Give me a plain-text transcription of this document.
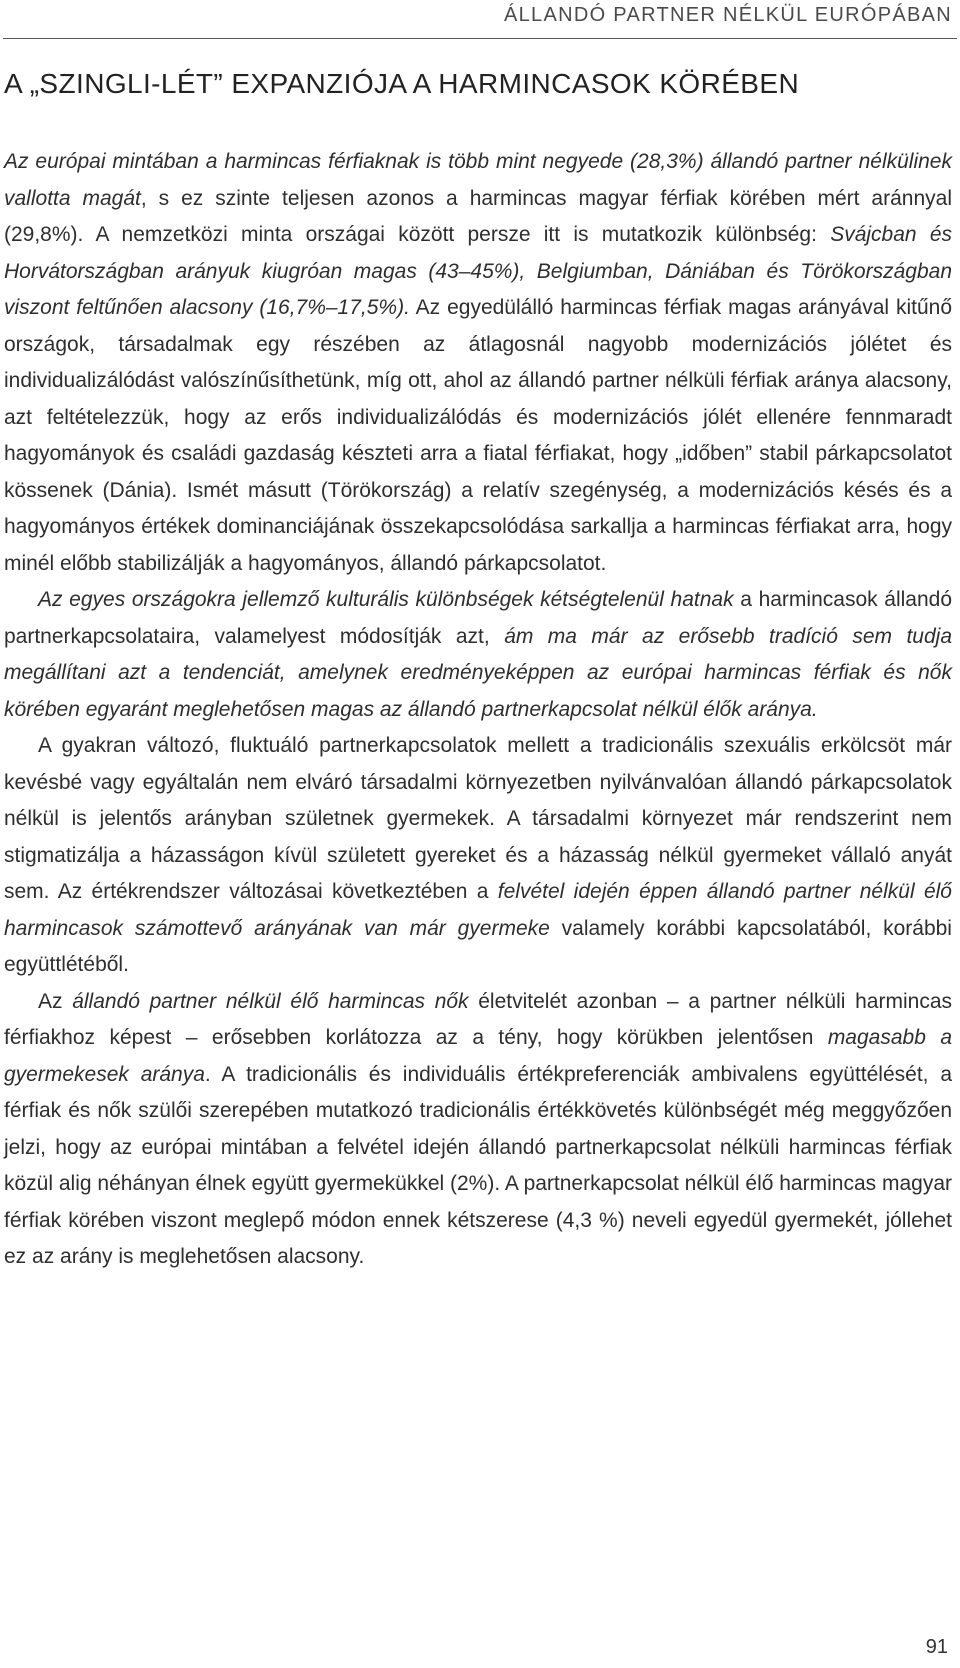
ÁLLANDÓ PARTNER NÉLKÜL EURÓPÁBAN
A „SZINGLI-LÉT” EXPANZIÓJA A HARMINCASOK KÖRÉBEN

Az európai mintában a harmincas férfiaknak is több mint negyede (28,3%) állandó partner nélkülinek vallotta magát, s ez szinte teljesen azonos a harmincas magyar férfiak körében mért aránnyal (29,8%). A nemzetközi minta országai között persze itt is mutatkozik különbség: Svájcban és Horvátországban arányuk kiugróan magas (43–45%), Belgiumban, Dániában és Törökországban viszont feltűnően alacsony (16,7%–17,5%). Az egyedülálló harmincas férfiak magas arányával kitűnő országok, társadalmak egy részében az átlagosnál nagyobb modernizációs jólétet és individualizálódást valószínűsíthetünk, míg ott, ahol az állandó partner nélküli férfiak aránya alacsony, azt feltételezzük, hogy az erős individualizálódás és modernizációs jólét ellenére fennmaradt hagyományok és családi gazdaság készteti arra a fiatal férfiakat, hogy „időben” stabil párkapcsolatot kössenek (Dánia). Ismét másutt (Törökország) a relatív szegénység, a modernizációs késés és a hagyományos értékek dominanciájának összekapcsolódása sarkallja a harmincas férfiakat arra, hogy minél előbb stabilizálják a hagyományos, állandó párkapcsolatot.

Az egyes országokra jellemző kulturális különbségek kétségtelenül hatnak a harmincasok állandó partnerkapcsolataira, valamelyest módosítják azt, ám ma már az erősebb tradíció sem tudja megállítani azt a tendenciát, amelynek eredményeképpen az európai harmincas férfiak és nők körében egyaránt meglehetősen magas az állandó partnerkapcsolat nélkül élők aránya.

A gyakran változó, fluktuáló partnerkapcsolatok mellett a tradicionális szexuális erkölcsöt már kevésbé vagy egyáltalán nem elváró társadalmi környezetben nyilvánvalóan állandó párkapcsolatok nélkül is jelentős arányban születnek gyermekek. A társadalmi környezet már rendszerint nem stigmatizálja a házasságon kívül született gyereket és a házasság nélkül gyermeket vállaló anyát sem. Az értékrendszer változásai következtében a felvétel idején éppen állandó partner nélkül élő harmincasok számottevő arányának van már gyermeke valamely korábbi kapcsolatából, korábbi együttlétéből.

Az állandó partner nélkül élő harmincas nők életvitelét azonban – a partner nélküli harmincas férfiakhoz képest – erősebben korlátozza az a tény, hogy körükben jelentősen magasabb a gyermekesek aránya. A tradicionális és individuális értékpreferenciák ambivalens együttélését, a férfiak és nők szülői szerepében mutatkozó tradicionális értékkövetés különbségét még meggyőzően jelzi, hogy az európai mintában a felvétel idején állandó partnerkapcsolat nélküli harmincas férfiak közül alig néhányan élnek együtt gyermekükkel (2%). A partnerkapcsolat nélkül élő harmincas magyar férfiak körében viszont meglepő módon ennek kétszerese (4,3 %) neveli egyedül gyermekét, jóllehet ez az arány is meglehetősen alacsony.

91
